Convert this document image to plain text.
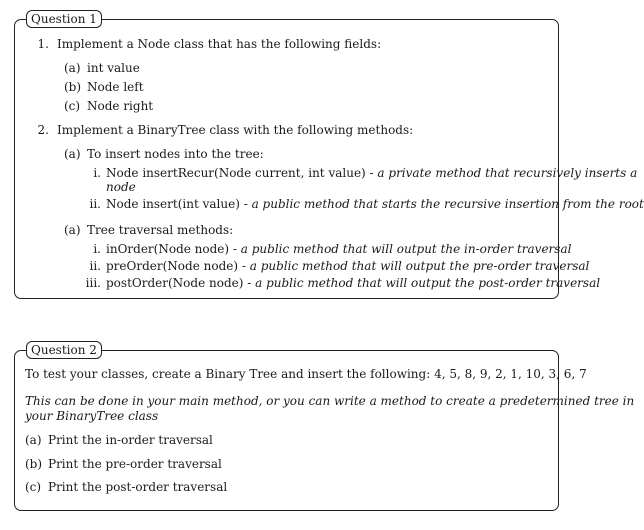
Question 1
1. Implement a Node class that has the following fields:
(a) int value
(b) Node left
(c) Node right
2. Implement a BinaryTree class with the following methods:
(a) To insert nodes into the tree:
i. Node insertRecur(Node current, int value) - a private method that recursively inserts a
node
ii. Node insert(int value) - a public method that starts the recursive insertion from the root
(a) Tree traversal methods:
i. inOrder(Node node) - a public method that will output the in-order traversal
ii. preOrder(Node node) - a public method that will output the pre-order traversal
iii. postOrder(Node node) - a public method that will output the post-order traversal
Question 2
To test your classes, create a Binary Tree and insert the following: 4, 5, 8, 9, 2, 1, 10, 3, 6, 7
This can be done in your main method, or you can write a method to create a predetermined tree in
your BinaryTree class
(a) Print the in-order traversal
(b) Print the pre-order traversal
(c) Print the post-order traversal
